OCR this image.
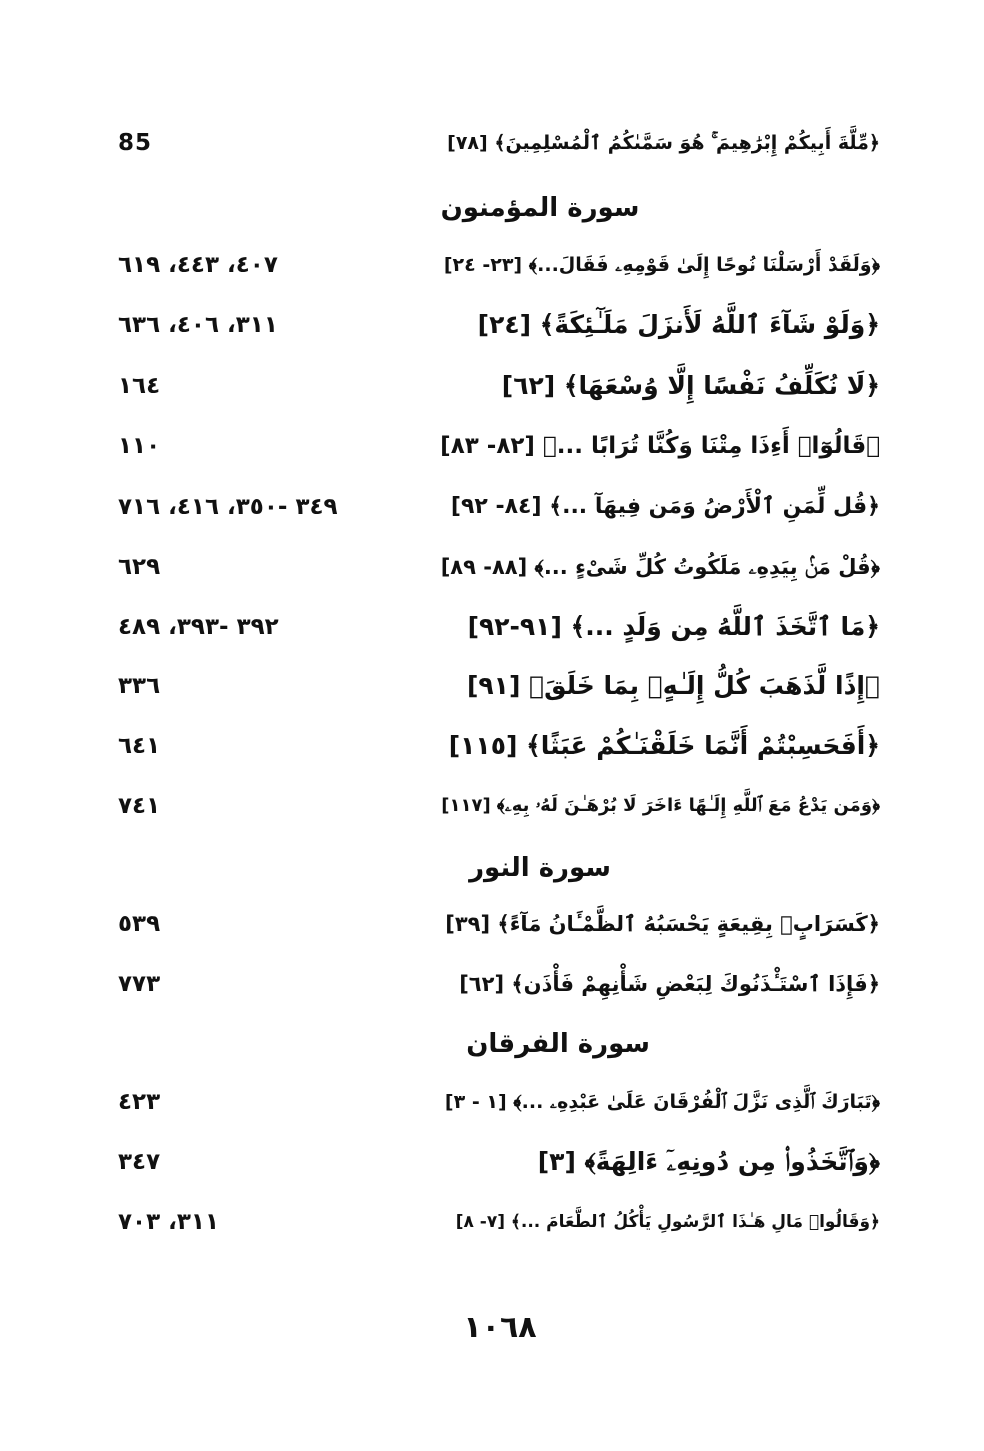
﴿مِّلَّةَ أَبِيكُمْ إِبْرَٰهِيمَ ۚ هُوَ سَمَّىٰكُمُ ٱلْمُسْلِمِينَ﴾ [٧٨]
85
سورة المؤمنون
﴿وَلَقَدْ أَرْسَلْنَا نُوحًا إِلَىٰ قَوْمِهِۦ فَقَالَ...﴾ [٢٣- ٢٤]
٤٠٧، ٤٤٣، ٦١٩
﴿وَلَوْ شَآءَ ٱللَّهُ لَأَنزَلَ مَلَـٰٓئِكَةً﴾ [٢٤]
٣١١، ٤٠٦، ٦٣٦
﴿لَا نُكَلِّفُ نَفْسًا إِلَّا وُسْعَهَا﴾ [٦٢]
١٦٤
﴿قَالُوٓا۟ أَءِذَا مِتْنَا وَكُنَّا تُرَابًا ...﴾ [٨٢- ٨٣]
١١٠
﴿قُل لِّمَنِ ٱلْأَرْضُ وَمَن فِيهَآ ...﴾ [٨٤- ٩٢]
٣٤٩ -٣٥٠، ٤١٦، ٧١٦
﴿قُلْ مَنۢ بِيَدِهِۦ مَلَكُوتُ كُلِّ شَىْءٍ ...﴾ [٨٨- ٨٩]
٦٢٩
﴿مَا ٱتَّخَذَ ٱللَّهُ مِن وَلَدٍ ...﴾ [٩١-٩٢]
٣٩٢ -٣٩٣، ٤٨٩
﴿إِذًا لَّذَهَبَ كُلُّ إِلَـٰهٍۭ بِمَا خَلَقَ﴾ [٩١]
٣٣٦
﴿أَفَحَسِبْتُمْ أَنَّمَا خَلَقْنَـٰكُمْ عَبَثًا﴾ [١١٥]
٦٤١
﴿وَمَن يَدْعُ مَعَ ٱللَّهِ إِلَـٰهًا ءَاخَرَ لَا بُرْهَـٰنَ لَهُۥ بِهِۦ﴾ [١١٧]
٧٤١
سورة النور
﴿كَسَرَابٍۭ بِقِيعَةٍ يَحْسَبُهُ ٱلظَّمْـَٔانُ مَآءً﴾ [٣٩]
٥٣٩
﴿فَإِذَا ٱسْتَـْٔذَنُوكَ لِبَعْضِ شَأْنِهِمْ فَأْذَن﴾ [٦٢]
٧٧٣
سورة الفرقان
﴿تَبَارَكَ ٱلَّذِى نَزَّلَ ٱلْفُرْقَانَ عَلَىٰ عَبْدِهِۦ ...﴾ [١ - ٣]
٤٢٣
﴿وَٱتَّخَذُوا۟ مِن دُونِهِۦٓ ءَالِهَةً﴾ [٣]
٣٤٧
﴿وَقَالُوا۟ مَالِ هَـٰذَا ٱلرَّسُولِ يَأْكُلُ ٱلطَّعَامَ ...﴾ [٧- ٨]
٣١١، ٧٠٣
١٠٦٨
